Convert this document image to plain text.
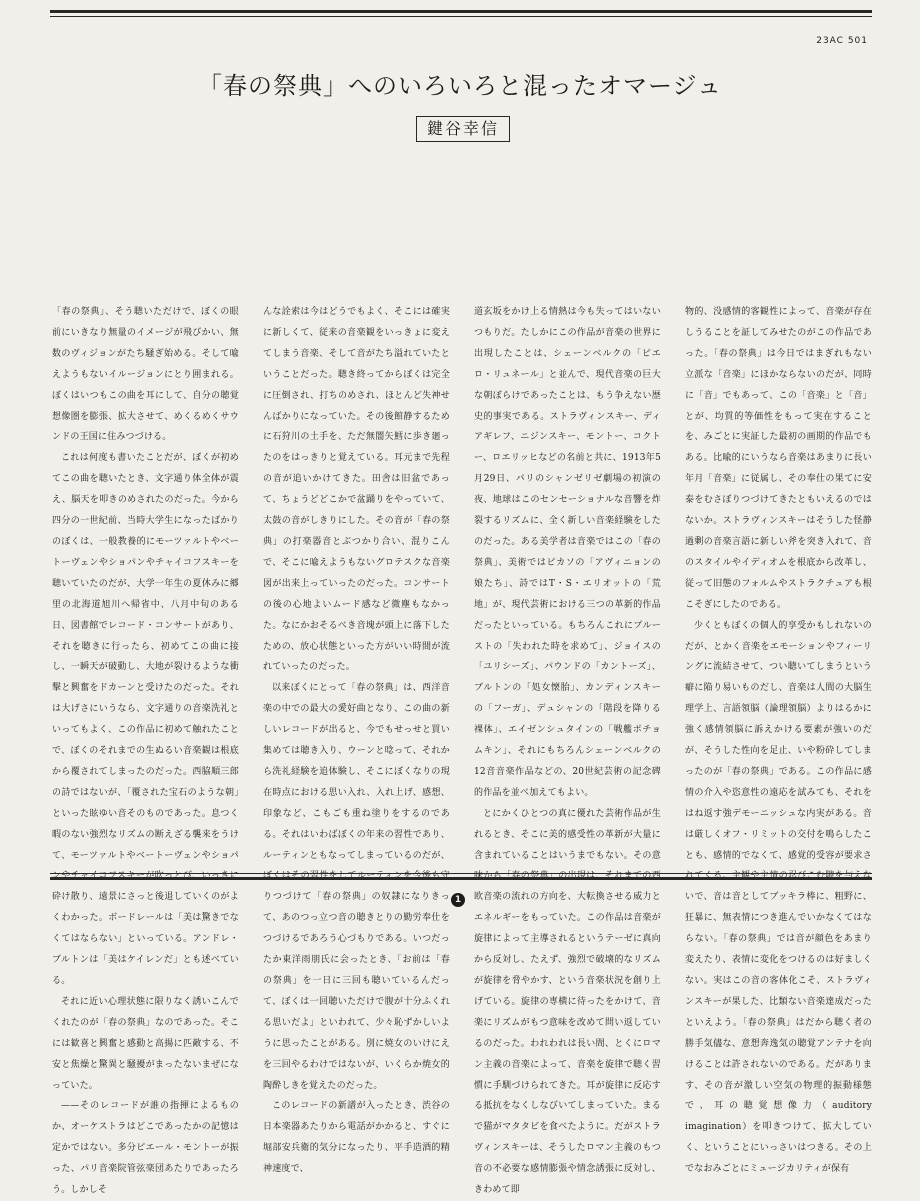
23AC 501
「春の祭典」へのいろいろと混ったオマージュ
鍵谷幸信

「春の祭典」、そう聴いただけで、ぼくの眼前にいきなり無量のイメージが飛びかい、無数のヴィジョンがたち騒ぎ始める。そして喩えようもないイルージョンにとり囲まれる。ぼくはいつもこの曲を耳にして、自分の聴覚想像圏を膨張、拡大させて、めくるめくサウンドの王国に住みつづける。

これは何度も書いたことだが、ぼくが初めてこの曲を聴いたとき、文字通り体全体が震え、脳天を叩きのめされたのだった。今から四分の一世紀前、当時大学生になったばかりのぼくは、一般教養的にモーツァルトやベートーヴェンやショパンやチャイコフスキーを聴いていたのだが、大学一年生の夏休みに郷里の北海道旭川へ帰省中、八月中旬のある日、図書館でレコード・コンサートがあり、それを聴きに行ったら、初めてこの曲に接し、一瞬天が破動し、大地が裂けるような衝撃と興奮をドカーンと受けたのだった。それは大げさにいうなら、文字通りの音楽洗礼といってもよく、この作品に初めて触れたことで、ぼくのそれまでの生ぬるい音楽観は根底から覆されてしまったのだった。西脇順三郎の詩ではないが、「覆された宝石のような朝」といった眩ゆい音そのものであった。息つく暇のない強烈なリズムの断えざる襲来をうけて、モーツァルトやベートーヴェンやショパ 砕け散り、遠景にさっと後退していくのがよくわかった。ボードレールは「美は驚きでなくてはならない」といっている。アンドレ・ブルトンは「美はケイレンだ」とも述べている。

それに近い心理状態に限りなく誘いこんでくれたのが「春の祭典」なのであった。そこには歓喜と興奮と感動と高揚に匹敵する、不安と焦燥と驚異と騒擾がまったないまぜになっていた。

——そのレコードが誰の指揮によるものか、オーケストラはどこであったかの記憶は定かではない。多分ピエール・モントーが振った、パリ音楽院管弦楽団あたりであったろう。しかしそ

んな詮索は今はどうでもよく、そこには確実に新しくて、従来の音楽観をいっきょに変えてしまう音楽、そして音がたち溢れていたということだった。聴き終ってからぼくは完全に圧倒され、打ちのめされ、ほとんど失神せんばかりになっていた。その後館静するために石狩川の土手を、ただ無闇矢鱈に歩き廻ったのをはっきりと覚えている。耳元まで先程の音が追いかけてきた。田舎は旧盆であって、ちょうどどこかで盆踊りをやっていて、太鼓の音がしきりにした。その音が「春の祭典」の打楽器音とぶつかり合い、混りこんで、そこに喩えようもないグロテスクな音楽図が出来上っていったのだった。コンサートの後の心地よいムード感など微塵もなかった。なにかおそるべき音塊が頭上に落下したための、放心状態といった方がいい時間が流れていったのだった。

以来ぼくにとって「春の祭典」は、西洋音楽の中での最大の愛好曲となり、この曲の新しいレコードが出ると、今でもせっせと買い集めては聴き入り、ウーンと唸って、それから洗礼経験を追体験し、そこにぼくなりの現在時点における思い入れ、入れ上げ、感想、印象など、こもごも重ね塗りをするのである。それはいわばぼくの年来の習性であり、ルーティンともなってしまっているのだが、 りつづけて「春の祭典」の奴隷になりきって、あのつっ立つ音の聴きとりの勤労奉仕をつづけるであろう心づもりである。いつだったか東洋雨朋氏に会ったとき、「お前は「春の祭典」を一日に三回も聴いているんだって、ぼくは一回聴いただけで腹が十分ふくれる思いだよ」といわれて、少々恥ずかしいように思ったことがある。別に焼女のいけにえを三回やるわけではないが、いくらか焼女的陶酔しきを覚えたのだった。

このレコードの新譜が入ったとき、渋谷の日本楽器あたりから電話がかかると、すぐに堀部安兵衛的気分になったり、平手造酒的精神速度で、

道玄坂をかけ上る情熱は今も失ってはいないつもりだ。たしかにこの作品が音楽の世界に出現したことは、シェーンベルクの「ピエロ・リュネール」と並んで、現代音楽の巨大な朝ぼらけであったことは、もう争えない歴史的事実である。ストラヴィンスキー、ディアギレフ、ニジンスキー、モントー、コクトー、ロエリッヒなどの名前と共に、1913年5月29日、パリのシャンゼリゼ劇場の初演の夜、地球はこのセンセーショナルな音響を炸裂するリズムに、全く新しい音楽経験をしたのだった。ある美学者は音楽ではこの「春の祭典」、美術ではピカソの「アヴィニョンの娘たち」、詩ではT・S・エリオットの「荒地」が、現代芸術における三つの革新的作品だったといっている。もちろんこれにプルーストの「失われた時を求めて」、ジョイスの「ユリシーズ」、パウンドの「カントーズ」、ブルトンの「処女懐胎」、カンディンスキーの「フーガ」、デュシャンの「階段を降りる裸体」、エイゼンシュタインの「戦艦ポチョムキン」、それにもちろんシェーンベルクの12音音楽作品などの、20世紀芸術の記念碑的作品を並べ加えてもよい。

とにかくひとつの真に優れた芸術作品が生れるとき、そこに美的感受性の革新が大量に含まれていることはいうまでもない。その意 欧音楽の流れの方向を、大転換させる威力とエネルギーをもっていた。この作品は音楽が旋律によって主導されるというテーゼに真向から反対し、たえず、強烈で破壊的なリズムが旋律を脅やかす、という音楽状況を創り上げている。旋律の専横に待ったをかけて、音楽にリズムがもつ意味を改めて問い返しているのだった。われわれは長い間、とくにロマン主義の音楽によって、音楽を旋律で聴く習慣に手馴づけられてきた。耳が旋律に反応する抵抗をなくしなびいてしまっていた。まるで猫がマタタビを食べたように。だがストラヴィンスキーは、そうしたロマン主義のもつ音の不必要な感情膨張や情念誘張に反対し、きわめて即

物的、没感情的客観性によって、音楽が存在しうることを証してみせたのがこの作品であった。「春の祭典」は今日ではまぎれもない立派な「音楽」にほかならないのだが、同時に「音」でもあって、この「音楽」と「音」とが、均質的等価性をもって実在することを、みごとに実証した最初の画期的作品でもある。比喩的にいうなら音楽はあまりに長い年月「音楽」に従属し、その奉仕の果てに安泰をむさぼりつづけてきたともいえるのではないか。ストラヴィンスキーはそうした怪静過剰の音楽言語に新しい斧を突き入れて、音のスタイルやイディオムを根底から改革し、従って旧態のフォルムやストラクチュアも根こそぎにしたのである。

少くともぼくの個人的享受かもしれないのだが、とかく音楽をエモーションやフィーリングに流結させて、つい聴いてしまうという癖に陥り易いものだし、音楽は人間の大脳生理学上、言語領脳（論理領脳）よりはるかに強く感情領脳に訴えかける要素が強いのだが、そうした性向を足止、いや粉砕してしまったのが「春の祭典」である。この作品に感情の介入や恣意性の遠応を試みても、それをはね返す強デモーニッシュな内実がある。音は厳しくオフ・リミットの交付を鳴らしたことも、感情的でなくて、感覚的受容が要求さ いで、音は音としてブッキラ棒に、粗野に、狂暴に、無表情につき進んでいかなくてはならない。「春の祭典」では音が顔色をあまり変えたり、表情に変化をつけるのは好ましくない。実はこの音の客体化こそ、ストラヴィンスキーが果した、比類ない音楽達成だったといえよう。「春の祭典」はだから聴く者の勝手気儘な、意想奔逸気の聴覚アンテナを向けることは許されないのである。だがあります、その音が激しい空気の物理的振動様態で、耳の聴覚想像力（auditory imagination）を叩きつけて、拡大していく、ということにいっさいはつきる。その上でなおみごとにミュージカリティが保有

1
